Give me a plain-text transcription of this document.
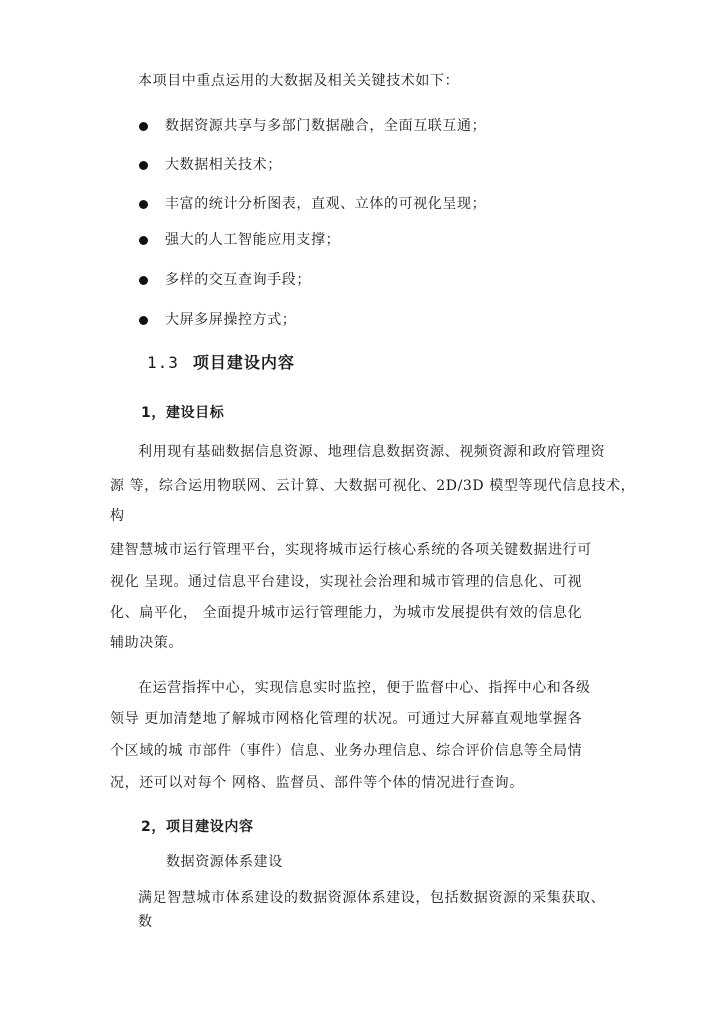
本项目中重点运用的大数据及相关关键技术如下：
数据资源共享与多部门数据融合，全面互联互通；
大数据相关技术；
丰富的统计分析图表，直观、立体的可视化呈现；
强大的人工智能应用支撑；
多样的交互查询手段；
大屏多屏操控方式；
1.3 项目建设内容
1，建设目标
利用现有基础数据信息资源、地理信息数据资源、视频资源和政府管理资
源 等，综合运用物联网、云计算、大数据可视化、2D/3D 模型等现代信息技术，
构
建智慧城市运行管理平台，实现将城市运行核心系统的各项关键数据进行可
视化 呈现。通过信息平台建设，实现社会治理和城市管理的信息化、可视
化、扁平化， 全面提升城市运行管理能力，为城市发展提供有效的信息化
辅助决策。
在运营指挥中心，实现信息实时监控，便于监督中心、指挥中心和各级
领导 更加清楚地了解城市网格化管理的状况。可通过大屏幕直观地掌握各
个区域的城 市部件（事件）信息、业务办理信息、综合评价信息等全局情
况，还可以对每个 网格、监督员、部件等个体的情况进行查询。
2，项目建设内容
数据资源体系建设
满足智慧城市体系建设的数据资源体系建设，包括数据资源的采集获取、
数
